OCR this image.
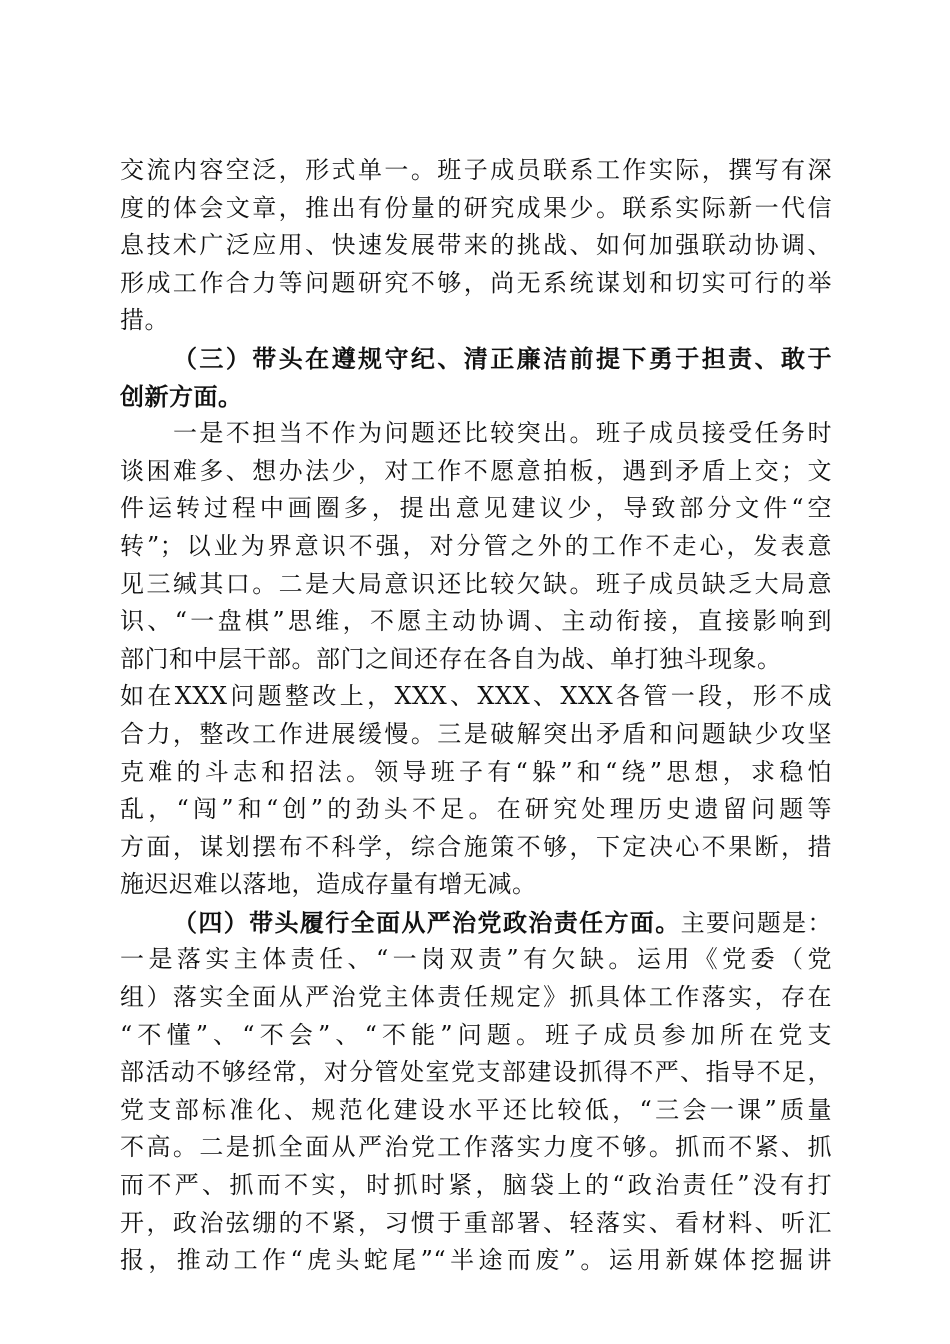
交流内容空泛，形式单一。班子成员联系工作实际，撰写有深
度的体会文章，推出有份量的研究成果少。联系实际新一代信
息技术广泛应用、快速发展带来的挑战、如何加强联动协调、
形成工作合力等问题研究不够，尚无系统谋划和切实可行的举
措。
（三）带头在遵规守纪、清正廉洁前提下勇于担责、敢于
创新方面。
一是不担当不作为问题还比较突出。班子成员接受任务时
谈困难多、想办法少，对工作不愿意拍板，遇到矛盾上交；文
件运转过程中画圈多，提出意见建议少，导致部分文件“空
转”；以业为界意识不强，对分管之外的工作不走心，发表意
见三缄其口。二是大局意识还比较欠缺。班子成员缺乏大局意
识、“一盘棋”思维，不愿主动协调、主动衔接，直接影响到
部门和中层干部。部门之间还存在各自为战、单打独斗现象。
如在XXX问题整改上，XXX、XXX、XXX各管一段，形不成
合力，整改工作进展缓慢。三是破解突出矛盾和问题缺少攻坚
克难的斗志和招法。领导班子有“躲”和“绕”思想，求稳怕
乱，“闯”和“创”的劲头不足。在研究处理历史遗留问题等
方面，谋划摆布不科学，综合施策不够，下定决心不果断，措
施迟迟难以落地，造成存量有增无减。
（四）带头履行全面从严治党政治责任方面。主要问题是：
一是落实主体责任、“一岗双责”有欠缺。运用《党委（党
组）落实全面从严治党主体责任规定》抓具体工作落实，存在
“不懂”、“不会”、“不能”问题。班子成员参加所在党支
部活动不够经常，对分管处室党支部建设抓得不严、指导不足，
党支部标准化、规范化建设水平还比较低，“三会一课”质量
不高。二是抓全面从严治党工作落实力度不够。抓而不紧、抓
而不严、抓而不实，时抓时紧，脑袋上的“政治责任”没有打
开，政治弦绷的不紧，习惯于重部署、轻落实、看材料、听汇
报，推动工作“虎头蛇尾”“半途而废”。运用新媒体挖掘讲
